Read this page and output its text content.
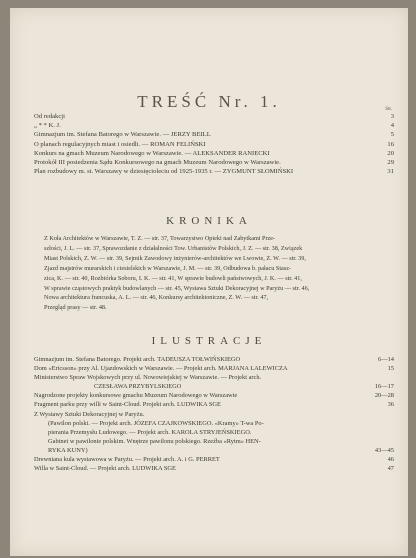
TREŚĆ Nr. 1.	Str.
Od redakcji	3
„ * * K. J.	4
Gimnazjum im. Stefana Batorego w Warszawie. — JERZY BEILL	5
O planach regulacyjnych miast i osiedli. — ROMAN FELIŃSKI	16
Konkurs na gmach Muzeum Narodowego w Warszawie. — ALEKSANDER RANIECKI	20
Protokół III posiedzenia Sądu Konkursowego na gmach Muzeum Narodowego w Warszawie.	29
Plan rozbudowy m. st. Warszawy w dziesięcioleciu od 1925-1935 r. — ZYGMUNT SŁOMIŃSKI	31
KRONIKA
Z Koła Architektów w Warszawie, T. Z. — str. 37, Towarzystwo Opieki nad Zabytkami Prze-
szłości, J. L. — str. 37, Sprawozdanie z działalności Tow. Urbanistów Polskich, J. Z. — str. 38, Związek
Miast Polskich, Z. W. — str. 39, Sejmik Zawodowy inżynierów-architektów we Lwowie, Z. W. — str. 39,
Zjazd majstrów murarskich i ciesielskich w Warszawie, J. M. — str. 39, Odbudowa b. pałacu Stasz-
zica, K. — str. 40, Rozbiórka Soboru, I. K. — str. 41, W sprawie budowli państwowych, J. K. — str. 41,
W sprawie cząstowych praktyk budowlanych — str. 45, Wystawa Sztuki Dekoracyjnej w Paryżu — str. 46,
Nowa architektura francuska, A. L. — str. 46, Konkursy architektoniczne, Z. W. — str. 47,
Przegląd prasy — str. 48.
ILUSTRACJE
Gimnazjum im. Stefana Batorego. Projekt arch. TADEUSZA TOŁWIŃSKIEGO	6—14
Dom «Ericsson» przy Al. Ujazdowskich w Warszawie. — Projekt arch. MARJANA LALEWICZA	15
Ministerstwo Spraw Wojskowych przy ul. Nowowiejskiej w Warszawie. — Projekt arch.
CZESŁAWA PRZYBYLSKIEGO	16—17
Nagrodzone projekty konkursowe gmachu Muzeum Narodowego w Warszawie	20—28
Fragment parku przy willi w Saint-Cloud. Projekt arch. LUDWIKA SGE	36
Z Wystawy Sztuki Dekoracyjnej w Paryżu.
(Pawilon polski. — Projekt arch. JÓZEFA CZAJKOWSKIEGO. «Kramy» T-wa Po-
pierania Przemysłu Ludowego. — Projekt arch. KAROLA STRYJEŃSKIEGO.
Gabinet w pawilonie polskim. Wnętrze pawilonu polskiego. Rzeźba «Rytm» HEN-
RYKA KUNY)	43—45
Drewniana kula wystawowa w Paryżu. — Projekt arch. A. i G. PERRET	46
Willa w Saint-Cloud. — Projekt arch. LUDWIKA SGE	47
